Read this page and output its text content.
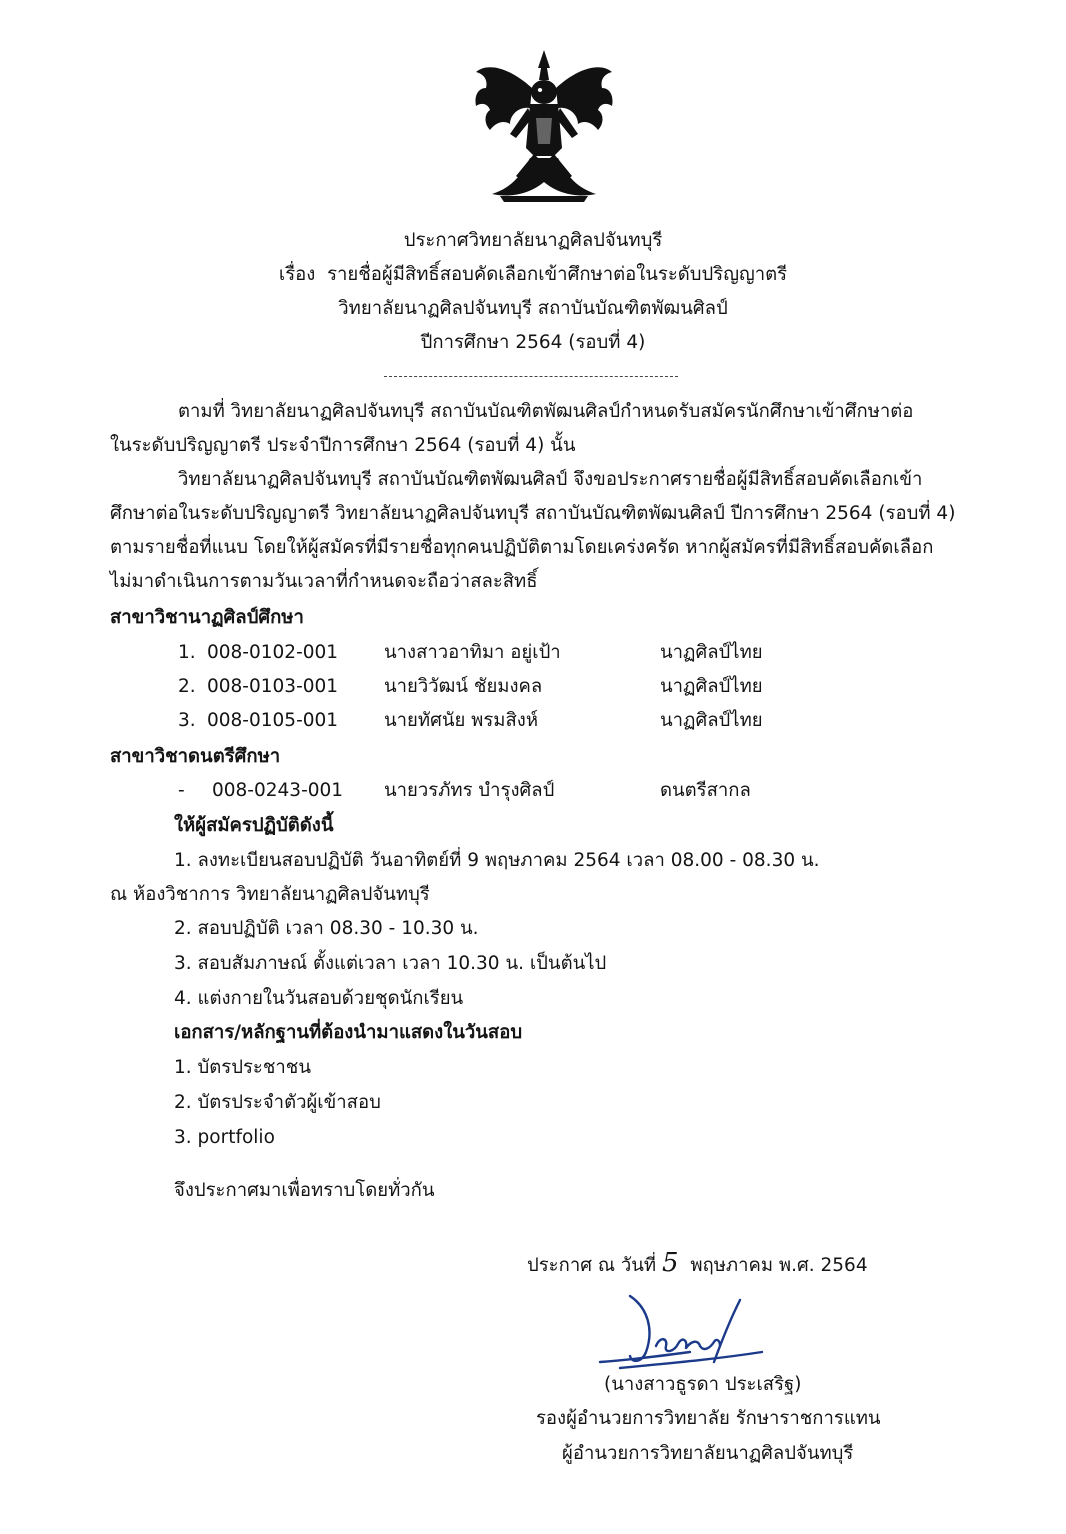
ประกาศวิทยาลัยนาฏศิลปจันทบุรี
เรื่อง รายชื่อผู้มีสิทธิ์สอบคัดเลือกเข้าศึกษาต่อในระดับปริญญาตรี
วิทยาลัยนาฏศิลปจันทบุรี สถาบันบัณฑิตพัฒนศิลป์
ปีการศึกษา 2564 (รอบที่ 4)
ตามที่ วิทยาลัยนาฏศิลปจันทบุรี สถาบันบัณฑิตพัฒนศิลป์กำหนดรับสมัครนักศึกษาเข้าศึกษาต่อ
ในระดับปริญญาตรี ประจำปีการศึกษา 2564 (รอบที่ 4) นั้น
วิทยาลัยนาฏศิลปจันทบุรี สถาบันบัณฑิตพัฒนศิลป์ จึงขอประกาศรายชื่อผู้มีสิทธิ์สอบคัดเลือกเข้า
ศึกษาต่อในระดับปริญญาตรี วิทยาลัยนาฏศิลปจันทบุรี สถาบันบัณฑิตพัฒนศิลป์ ปีการศึกษา 2564 (รอบที่ 4)
ตามรายชื่อที่แนบ โดยให้ผู้สมัครที่มีรายชื่อทุกคนปฏิบัติตามโดยเคร่งครัด หากผู้สมัครที่มีสิทธิ์สอบคัดเลือก
ไม่มาดำเนินการตามวันเวลาที่กำหนดจะถือว่าสละสิทธิ์
สาขาวิชานาฏศิลป์ศึกษา
1. 008-0102-001 นางสาวอาทิมา อยู่เป้า	นาฏศิลป์ไทย
2. 008-0103-001 นายวิวัฒน์ ชัยมงคล	นาฏศิลป์ไทย
3. 008-0105-001 นายทัศนัย พรมสิงห์	นาฏศิลป์ไทย
สาขาวิชาดนตรีศึกษา
- 008-0243-001 นายวรภัทร บำรุงศิลป์	ดนตรีสากล
ให้ผู้สมัครปฏิบัติดังนี้
1. ลงทะเบียนสอบปฏิบัติ วันอาทิตย์ที่ 9 พฤษภาคม 2564 เวลา 08.00 - 08.30 น.
ณ ห้องวิชาการ วิทยาลัยนาฏศิลปจันทบุรี
2. สอบปฏิบัติ เวลา 08.30 - 10.30 น.
3. สอบสัมภาษณ์ ตั้งแต่เวลา เวลา 10.30 น. เป็นต้นไป
4. แต่งกายในวันสอบด้วยชุดนักเรียน
เอกสาร/หลักฐานที่ต้องนำมาแสดงในวันสอบ
1. บัตรประชาชน
2. บัตรประจำตัวผู้เข้าสอบ
3. portfolio
จึงประกาศมาเพื่อทราบโดยทั่วกัน
ประกาศ ณ วันที่ 5 พฤษภาคม พ.ศ. 2564
(นางสาวธูรดา ประเสริฐ)
รองผู้อำนวยการวิทยาลัย รักษาราชการแทน
ผู้อำนวยการวิทยาลัยนาฏศิลปจันทบุรี
